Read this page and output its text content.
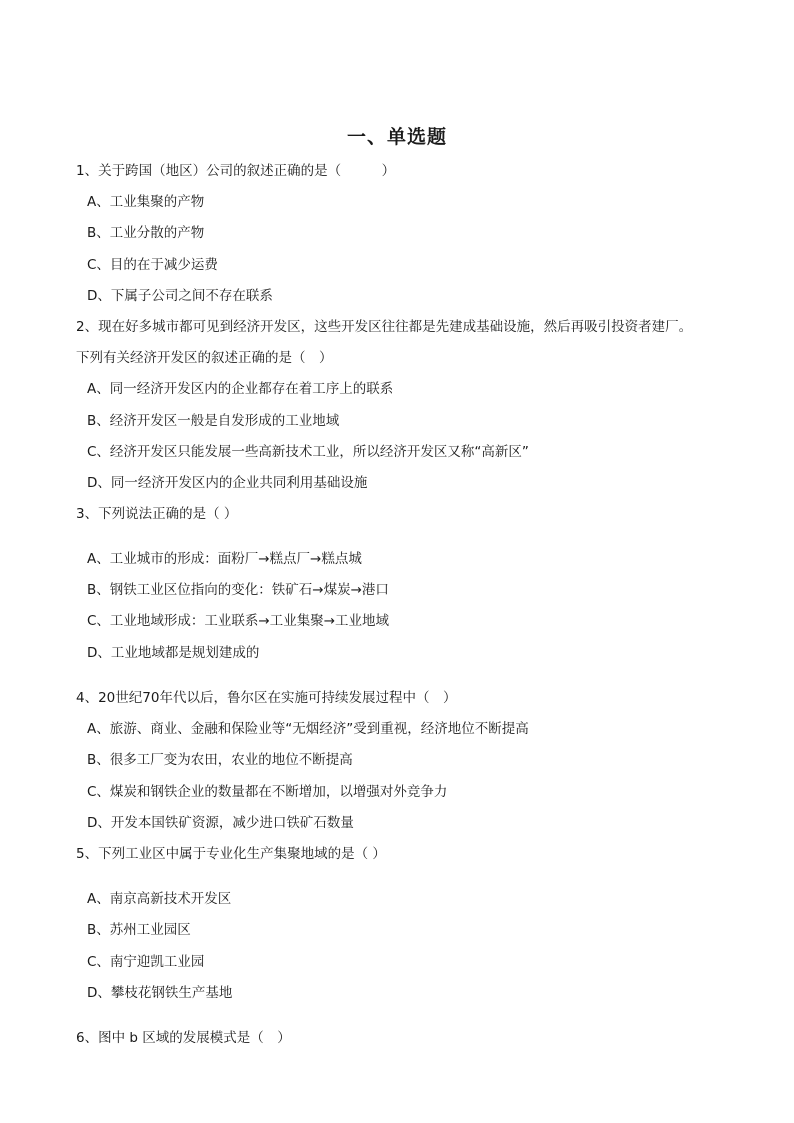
一、单选题
1、关于跨国（地区）公司的叙述正确的是（　　　）
A、工业集聚的产物
B、工业分散的产物
C、目的在于减少运费
D、下属子公司之间不存在联系
2、现在好多城市都可见到经济开发区，这些开发区往往都是先建成基础设施，然后再吸引投资者建厂。
下列有关经济开发区的叙述正确的是（　）
A、同一经济开发区内的企业都存在着工序上的联系
B、经济开发区一般是自发形成的工业地域
C、经济开发区只能发展一些高新技术工业，所以经济开发区又称“高新区”
D、同一经济开发区内的企业共同利用基础设施
3、下列说法正确的是（ ）
A、工业城市的形成：面粉厂→糕点厂→糕点城
B、钢铁工业区位指向的变化：铁矿石→煤炭→港口
C、工业地域形成：工业联系→工业集聚→工业地域
D、工业地域都是规划建成的
4、20世纪70年代以后，鲁尔区在实施可持续发展过程中（　）
A、旅游、商业、金融和保险业等“无烟经济”受到重视，经济地位不断提高
B、很多工厂变为农田，农业的地位不断提高
C、煤炭和钢铁企业的数量都在不断增加，以增强对外竞争力
D、开发本国铁矿资源，减少进口铁矿石数量
5、下列工业区中属于专业化生产集聚地域的是（ ）
A、南京高新技术开发区
B、苏州工业园区
C、南宁迎凯工业园
D、攀枝花钢铁生产基地
6、图中 b 区域的发展模式是（　）
